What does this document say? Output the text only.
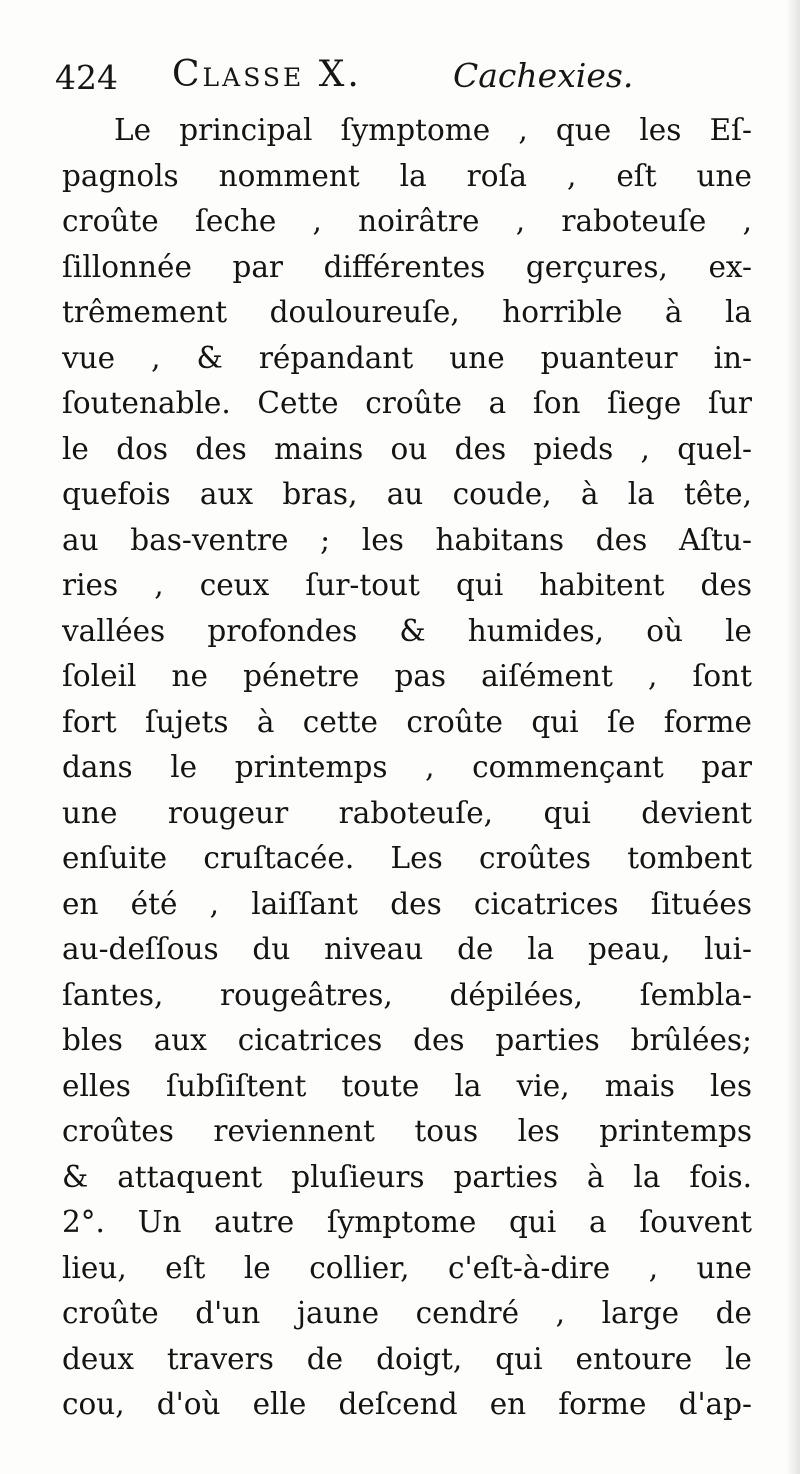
424 Classe X.	Cachexies.
Le principal ſymptome , que les Eſ-
pagnols nomment la roſa , eſt une
croûte ſeche , noirâtre , raboteuſe ,
ſillonnée par différentes gerçures, ex-
trêmement douloureuſe, horrible à la
vue , & répandant une puanteur in-
ſoutenable. Cette croûte a ſon ſiege ſur
le dos des mains ou des pieds , quel-
quefois aux bras, au coude, à la tête,
au bas-ventre ; les habitans des Aſtu-
ries , ceux ſur-tout qui habitent des
vallées profondes & humides, où le
ſoleil ne pénetre pas aiſément , ſont
fort ſujets à cette croûte qui ſe forme
dans le printemps , commençant par
une rougeur raboteuſe, qui devient
enſuite cruſtacée. Les croûtes tombent
en été , laiſſant des cicatrices ſituées
au-deſſous du niveau de la peau, lui-
ſantes, rougeâtres, dépilées, ſembla-
bles aux cicatrices des parties brûlées;
elles ſubſiſtent toute la vie, mais les
croûtes reviennent tous les printemps
& attaquent pluſieurs parties à la fois.
2°. Un autre ſymptome qui a ſouvent
lieu, eſt le collier, c'eſt-à-dire , une
croûte d'un jaune cendré , large de
deux travers de doigt, qui entoure le
cou, d'où elle deſcend en forme d'ap-
